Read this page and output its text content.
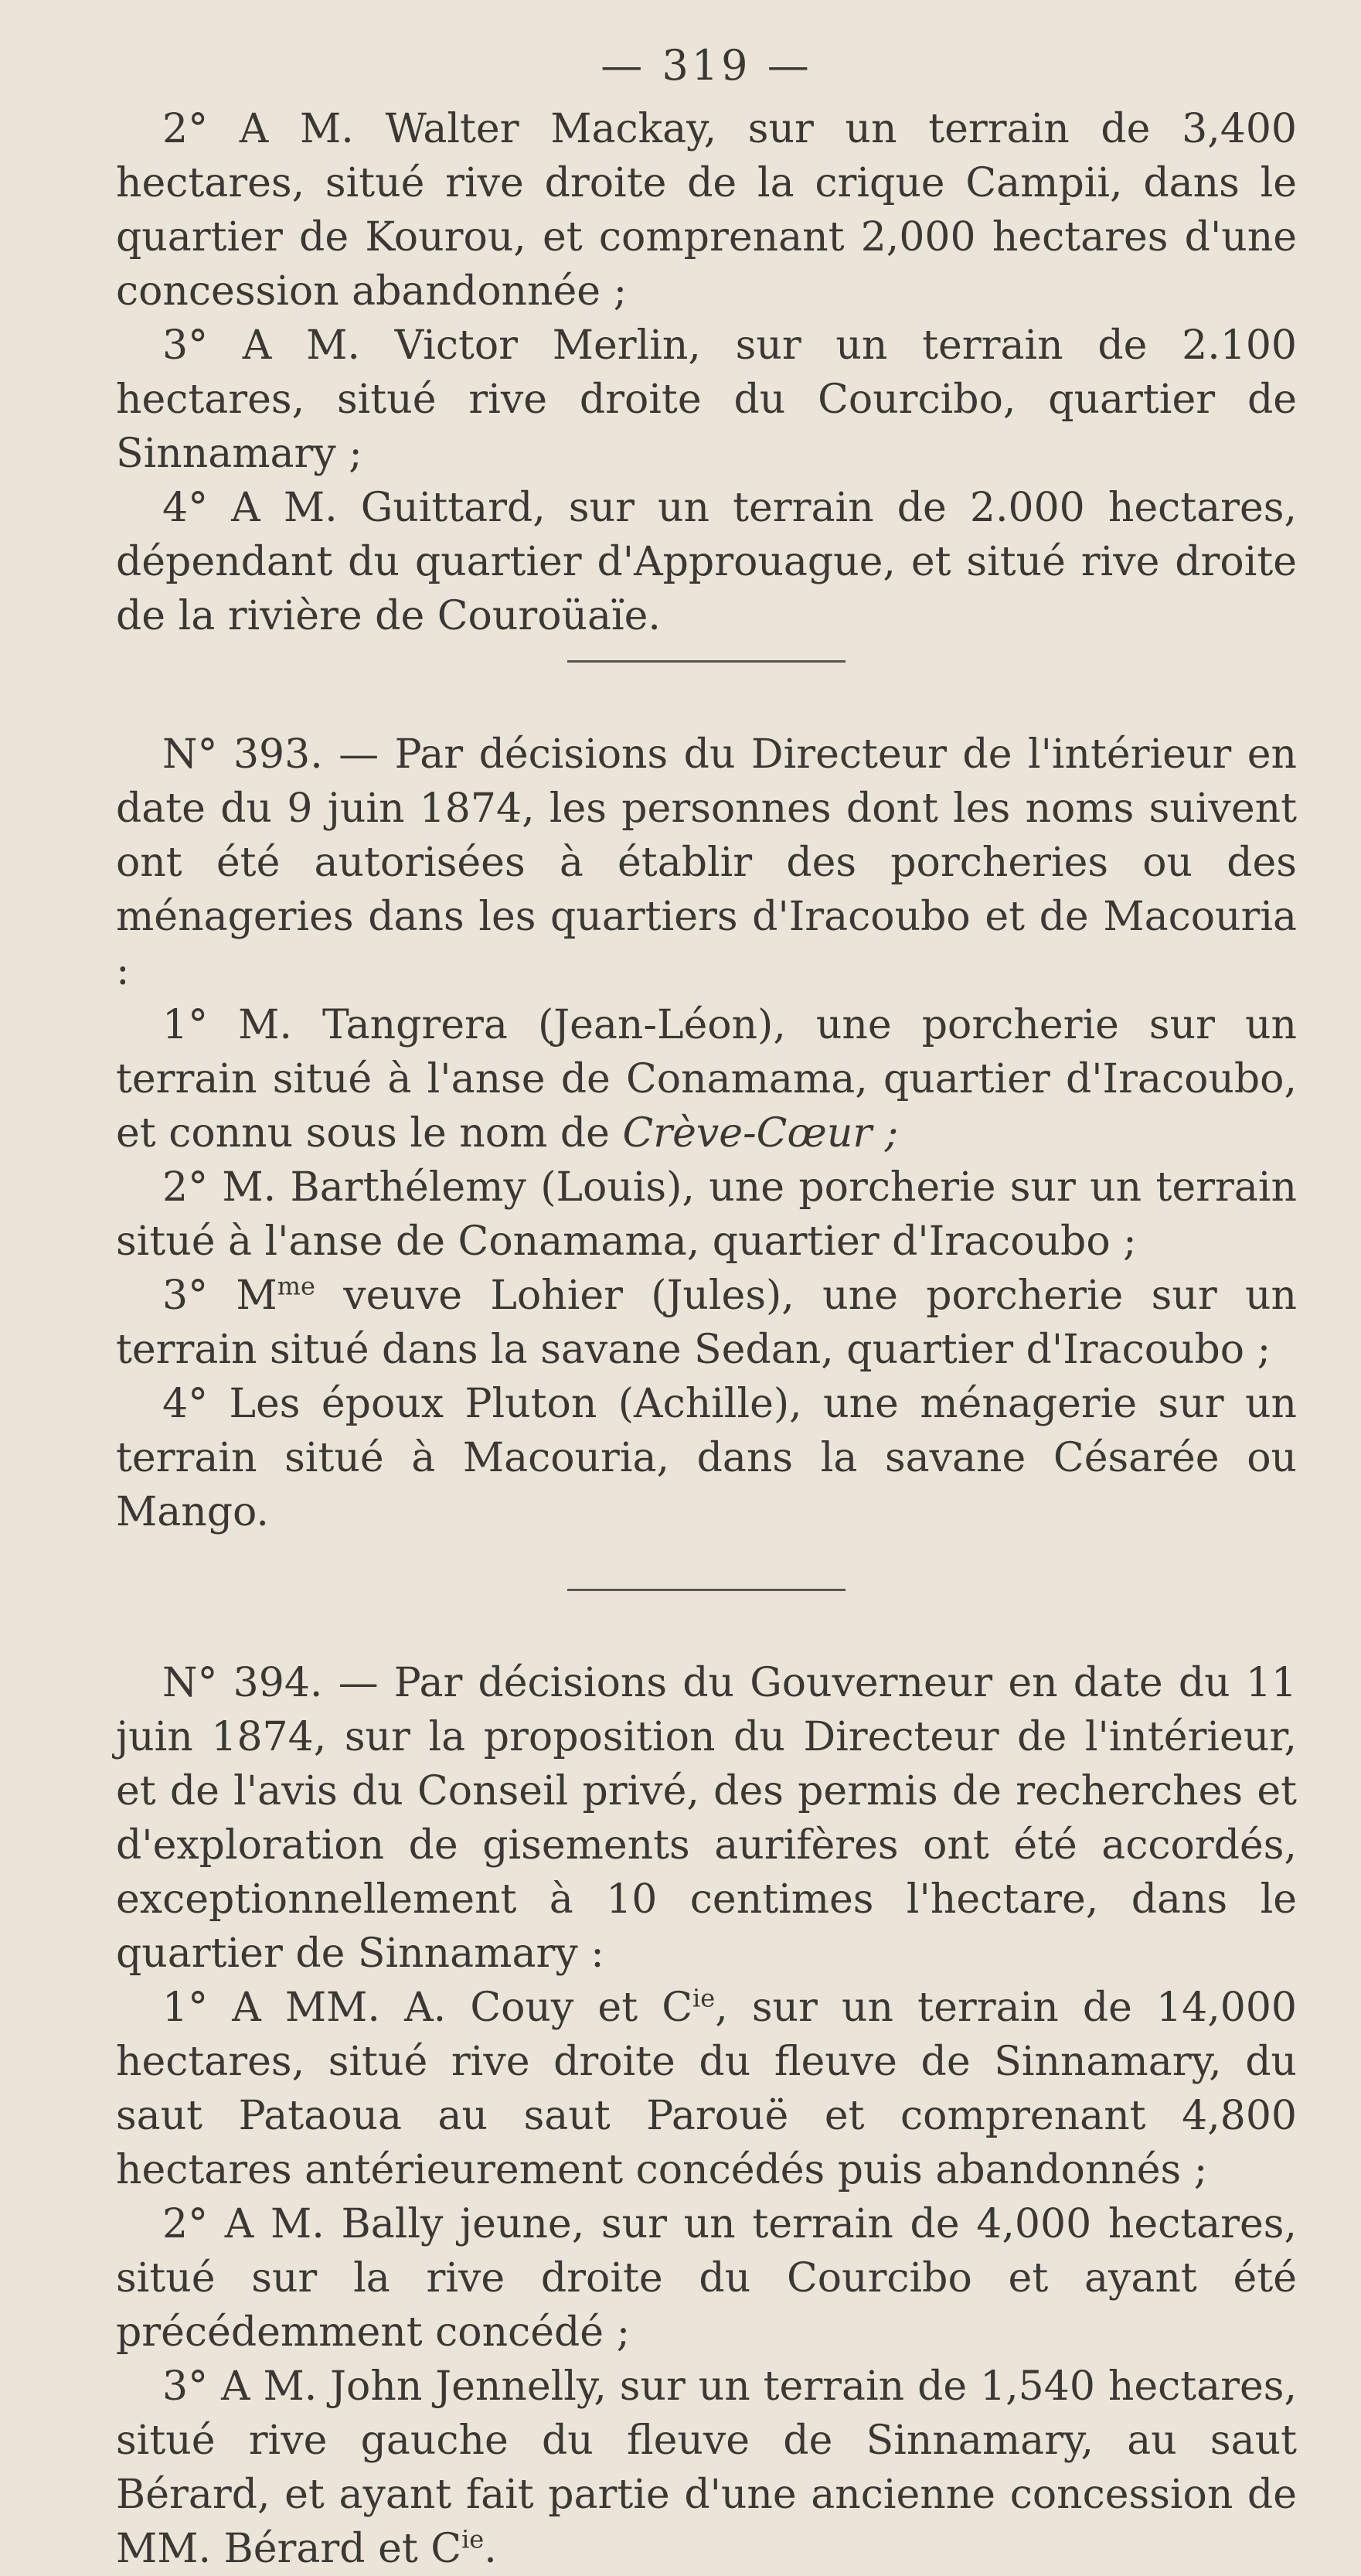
— 319 —

2° A M. Walter Mackay, sur un terrain de 3,400 hectares, situé rive droite de la crique Campii, dans le quartier de Kourou, et comprenant 2,000 hectares d'une concession abandonnée ;

3° A M. Victor Merlin, sur un terrain de 2.100 hectares, situé rive droite du Courcibo, quartier de Sinnamary ;

4° A M. Guittard, sur un terrain de 2.000 hectares, dépendant du quartier d'Approuague, et situé rive droite de la rivière de Couroüaïe.

N° 393. — Par décisions du Directeur de l'intérieur en date du 9 juin 1874, les personnes dont les noms suivent ont été autorisées à établir des porcheries ou des ménageries dans les quartiers d'Iracoubo et de Macouria :

1° M. Tangrera (Jean-Léon), une porcherie sur un terrain situé à l'anse de Conamama, quartier d'Iracoubo, et connu sous le nom de Crève-Cœur ;

2° M. Barthélemy (Louis), une porcherie sur un terrain situé à l'anse de Conamama, quartier d'Iracoubo ;

3° $M^{me}$ veuve Lohier (Jules), une porcherie sur un terrain situé dans la savane Sedan, quartier d'Iracoubo ;

4° Les époux Pluton (Achille), une ménagerie sur un terrain situé à Macouria, dans la savane Césarée ou Mango.

N° 394. — Par décisions du Gouverneur en date du 11 juin 1874, sur la proposition du Directeur de l'intérieur, et de l'avis du Conseil privé, des permis de recherches et d'exploration de gisements aurifères ont été accordés, exceptionnellement à 10 centimes l'hectare, dans le quartier de Sinnamary :

1° A MM. A. Couy et $C^{ie}$, sur un terrain de 14,000 hectares, situé rive droite du fleuve de Sinnamary, du saut Pataoua au saut Parouë et comprenant 4,800 hectares antérieurement concédés puis abandonnés ;

2° A M. Bally jeune, sur un terrain de 4,000 hectares, situé sur la rive droite du Courcibo et ayant été précédemment concédé ;

3° A M. John Jennelly, sur un terrain de 1,540 hectares, situé rive gauche du fleuve de Sinnamary, au saut Bérard, et ayant fait partie d'une ancienne concession de MM. Bérard et $C^{ie}$.
